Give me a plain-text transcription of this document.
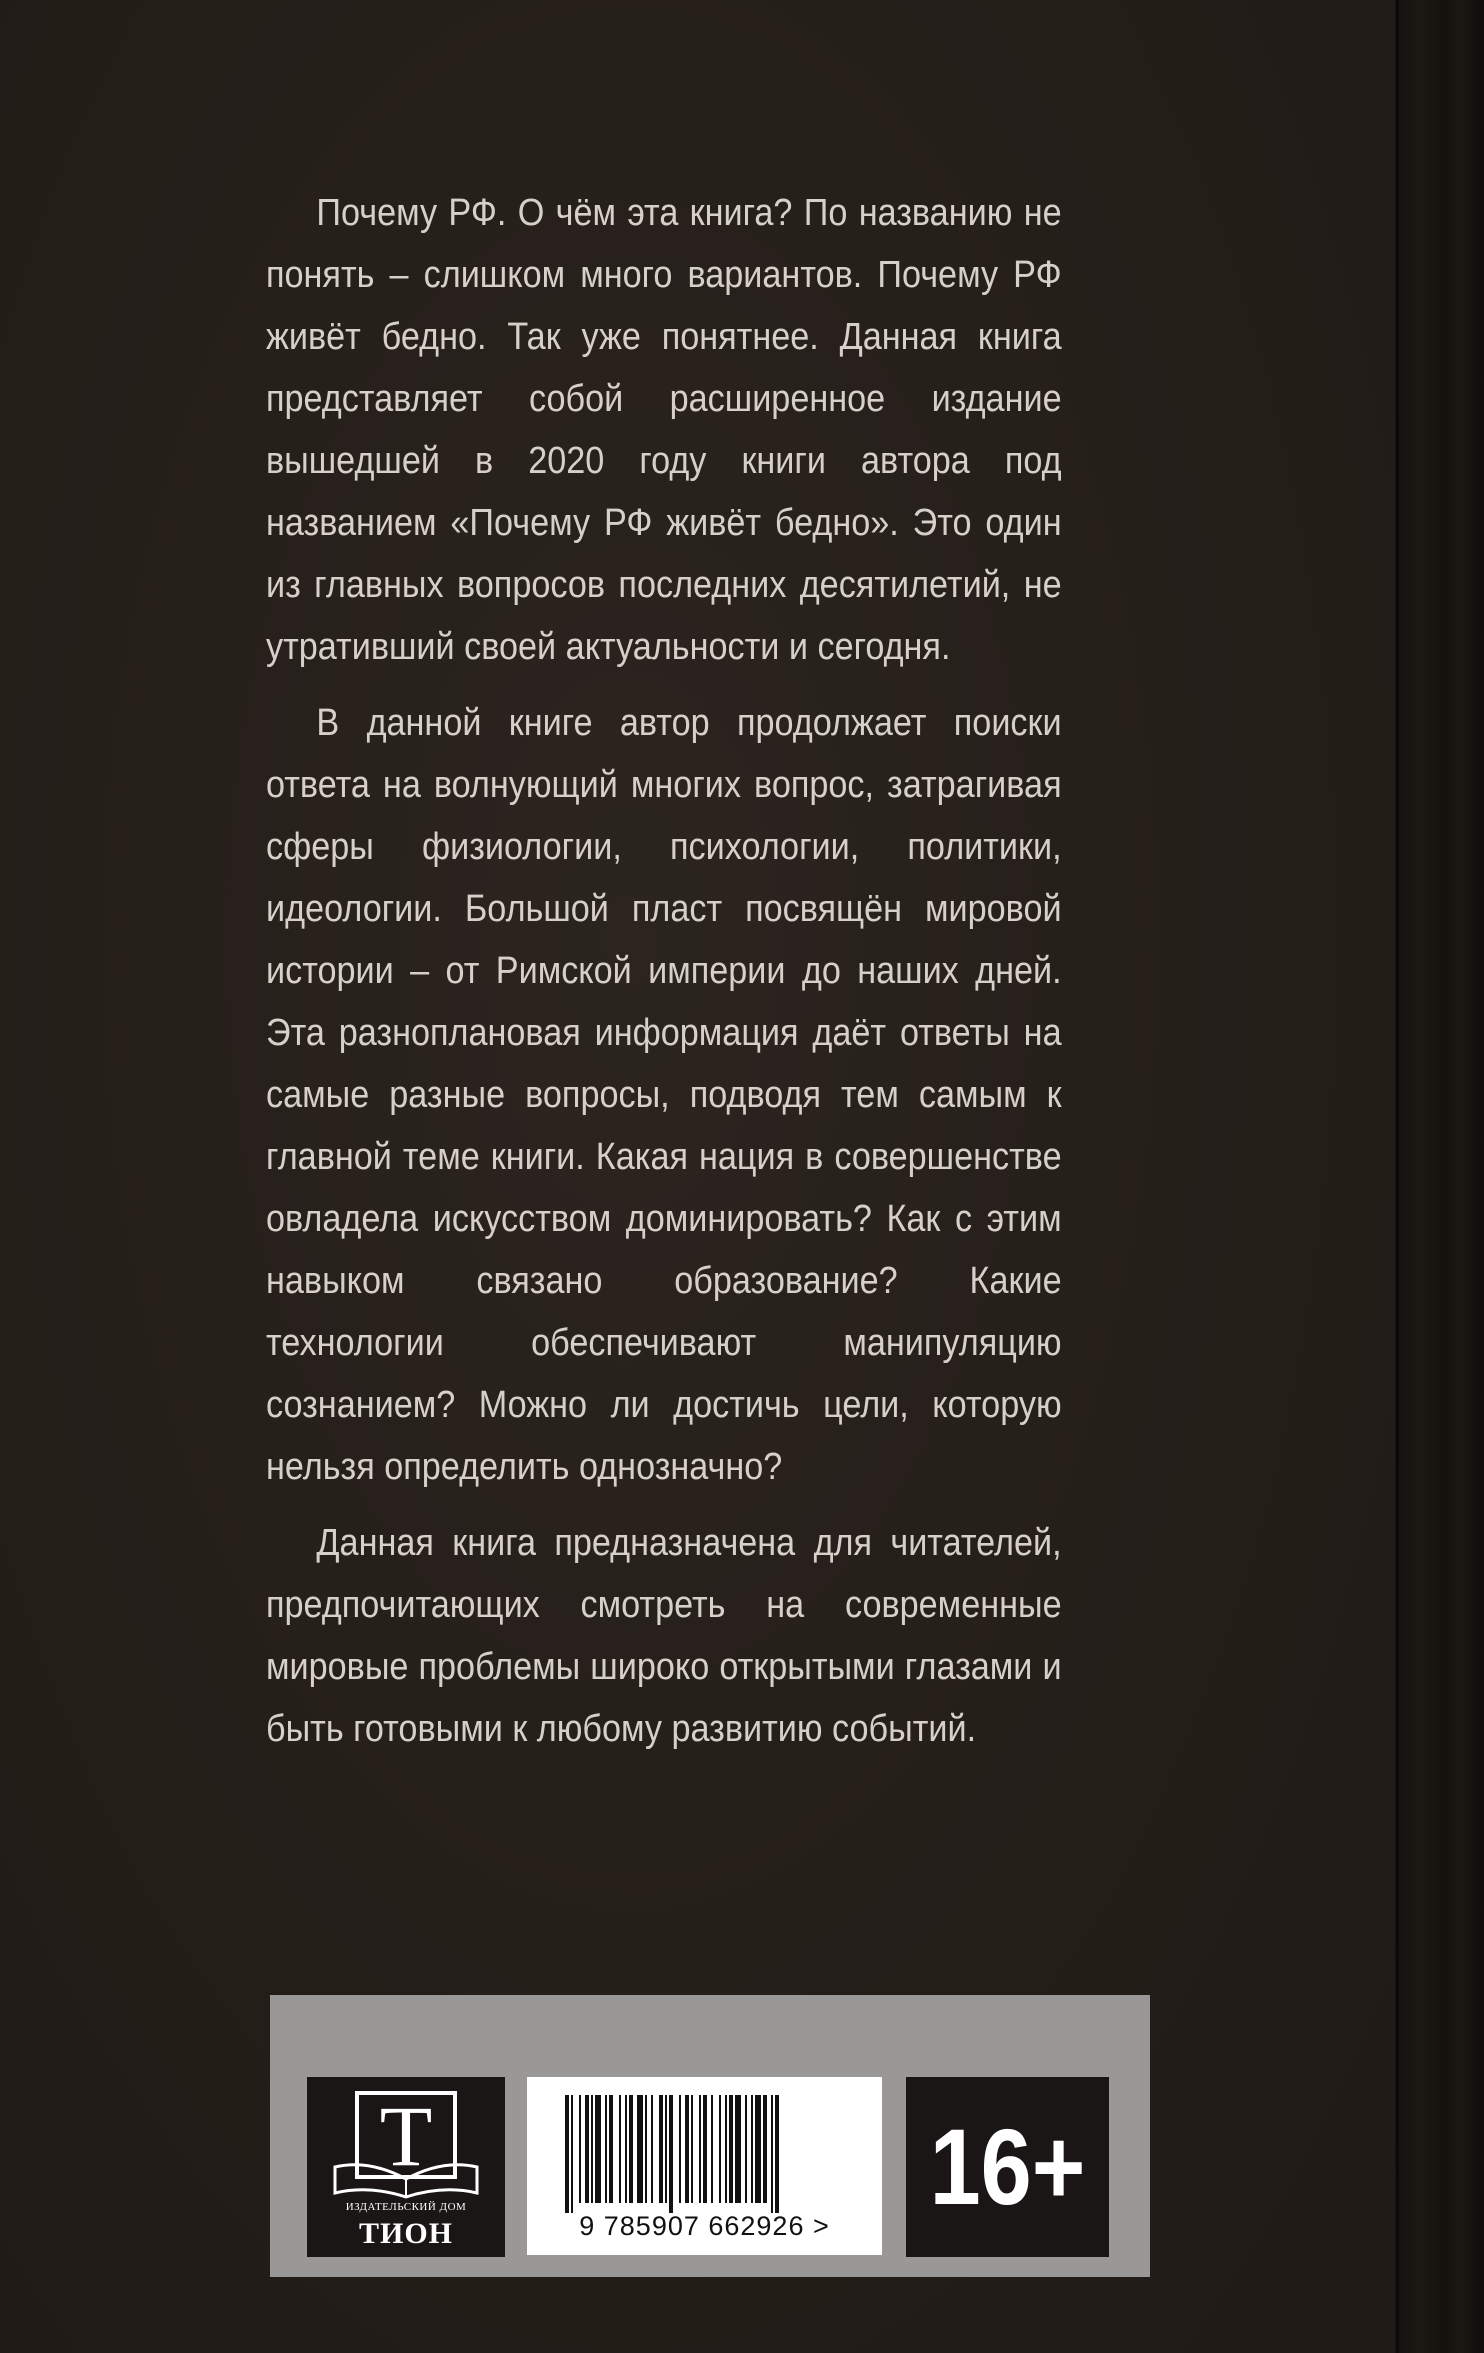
Почему РФ. О чём эта книга? По названию не понять – слишком много вариантов. Почему РФ живёт бедно. Так уже понятнее. Данная книга представляет собой расширенное издание вышедшей в 2020 году книги автора под названием «Почему РФ живёт бедно». Это один из главных вопросов последних десятилетий, не утративший своей актуальности и сегодня.

В данной книге автор продолжает поиски ответа на волнующий многих вопрос, затрагивая сферы физиологии, психологии, политики, идеологии. Большой пласт посвящён мировой истории – от Римской империи до наших дней. Эта разноплановая информация даёт ответы на самые разные вопросы, подводя тем самым к главной теме книги. Какая нация в совершенстве овладела искусством доминировать? Как с этим навыком связано образование? Какие технологии обеспечивают манипуляцию сознанием? Можно ли достичь цели, которую нельзя определить однозначно?

Данная книга предназначена для читателей, предпочитающих смотреть на современные мировые проблемы широко открытыми глазами и быть готовыми к любому развитию событий.

Т
ИЗДАТЕЛЬСКИЙ ДОМ
ТИОН	9 785907 662926 > 16+
